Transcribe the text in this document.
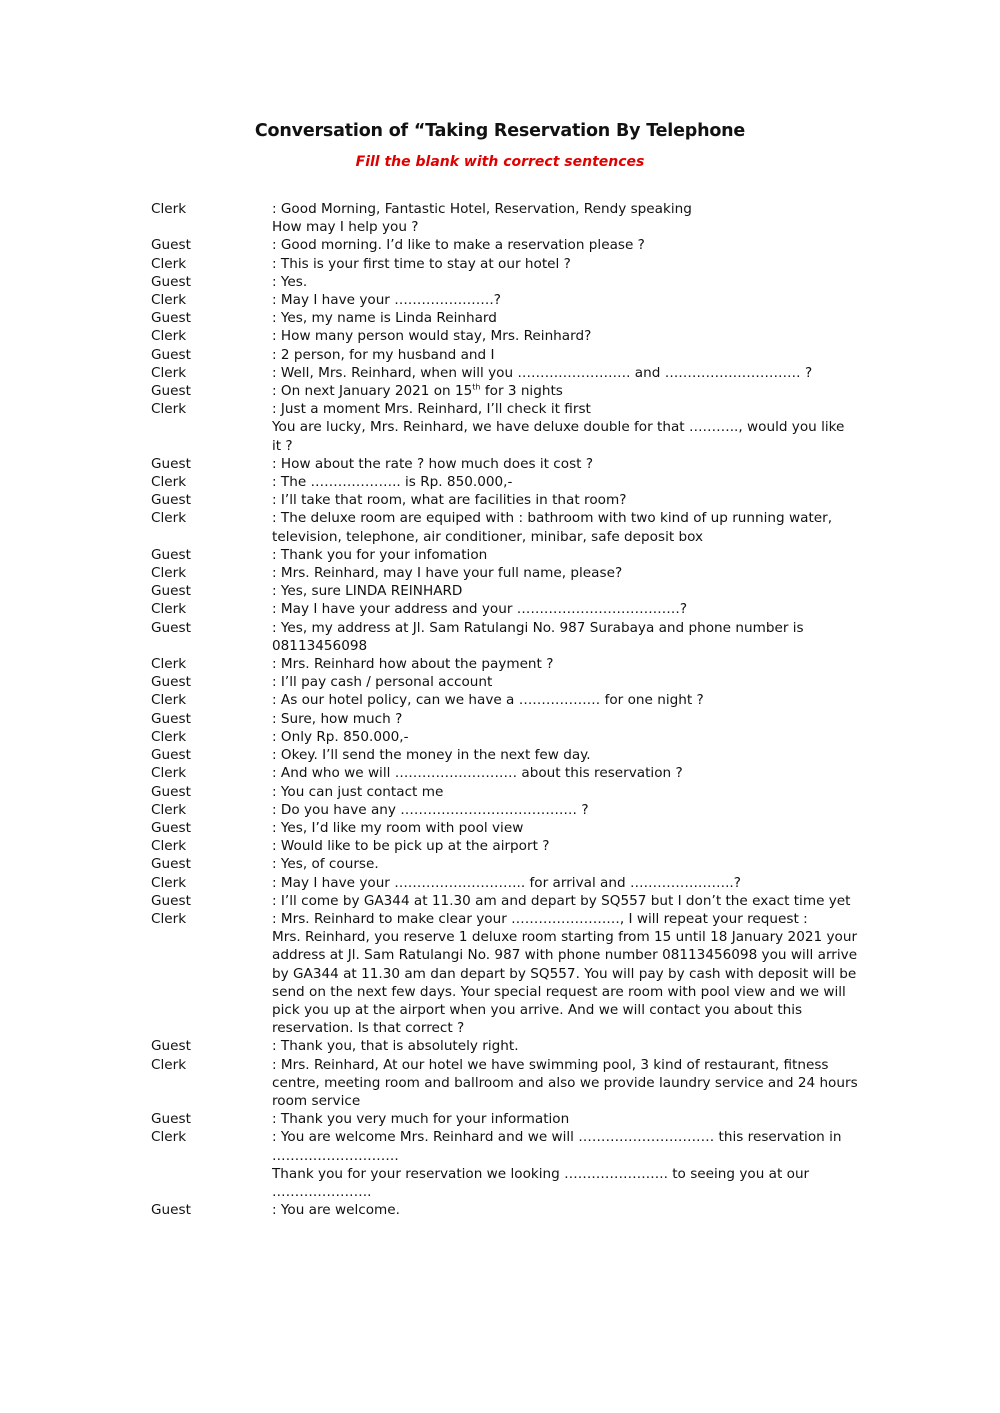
Conversation of “Taking Reservation By Telephone
Fill the blank with correct sentences
Clerk	: Good Morning, Fantastic Hotel, Reservation, Rendy speaking
How may I help you ?
Guest	: Good morning. I’d like to make a reservation please ?
Clerk	: This is your first time to stay at our hotel ?
Guest	: Yes.
Clerk	: May I have your ………………….?
Guest	: Yes, my name is Linda Reinhard
Clerk	: How many person would stay, Mrs. Reinhard?
Guest	: 2 person, for my husband and I
Clerk	: Well, Mrs. Reinhard, when will you ……………………. and ………………………… ?
Guest	: On next January 2021 on 15th for 3 nights
Clerk	: Just a moment Mrs. Reinhard, I’ll check it first
You are lucky, Mrs. Reinhard, we have deluxe double for that ……….., would you like
it ?
Guest	: How about the rate ? how much does it cost ?
Clerk	: The ……………….. is Rp. 850.000,-
Guest	: I’ll take that room, what are facilities in that room?
Clerk	: The deluxe room are equiped with : bathroom with two kind of up running water,
television, telephone, air conditioner, minibar, safe deposit box
Guest	: Thank you for your infomation
Clerk	: Mrs. Reinhard, may I have your full name, please?
Guest	: Yes, sure LINDA REINHARD
Clerk	: May I have your address and your ………………………………?
Guest	: Yes, my address at Jl. Sam Ratulangi No. 987 Surabaya and phone number is
08113456098
Clerk	: Mrs. Reinhard how about the payment ?
Guest	: I’ll pay cash / personal account
Clerk	: As our hotel policy, can we have a ……………… for one night ?
Guest	: Sure, how much ?
Clerk	: Only Rp. 850.000,-
Guest	: Okey. I’ll send the money in the next few day.
Clerk	: And who we will ……………………… about this reservation ?
Guest	: You can just contact me
Clerk	: Do you have any ………………………………… ?
Guest	: Yes, I’d like my room with pool view
Clerk	: Would like to be pick up at the airport ?
Guest	: Yes, of course.
Clerk	: May I have your ……………………….. for arrival and …………………..?
Guest	: I’ll come by GA344 at 11.30 am and depart by SQ557 but I don’t the exact time yet
Clerk	: Mrs. Reinhard to make clear your ……………………, I will repeat your request :
Mrs. Reinhard, you reserve 1 deluxe room starting from 15 until 18 January 2021 your
address at Jl. Sam Ratulangi No. 987 with phone number 08113456098 you will arrive
by GA344 at 11.30 am dan depart by SQ557. You will pay by cash with deposit will be
send on the next few days. Your special request are room with pool view and we will
pick you up at the airport when you arrive. And we will contact you about this
reservation. Is that correct ?
Guest	: Thank you, that is absolutely right.
Clerk	: Mrs. Reinhard, At our hotel we have swimming pool, 3 kind of restaurant, fitness
centre, meeting room and ballroom and also we provide laundry service and 24 hours
room service
Guest	: Thank you very much for your information
Clerk	: You are welcome Mrs. Reinhard and we will ………………………… this reservation in
……………………….
Thank you for your reservation we looking ………………….. to seeing you at our
………………….
Guest	: You are welcome.
